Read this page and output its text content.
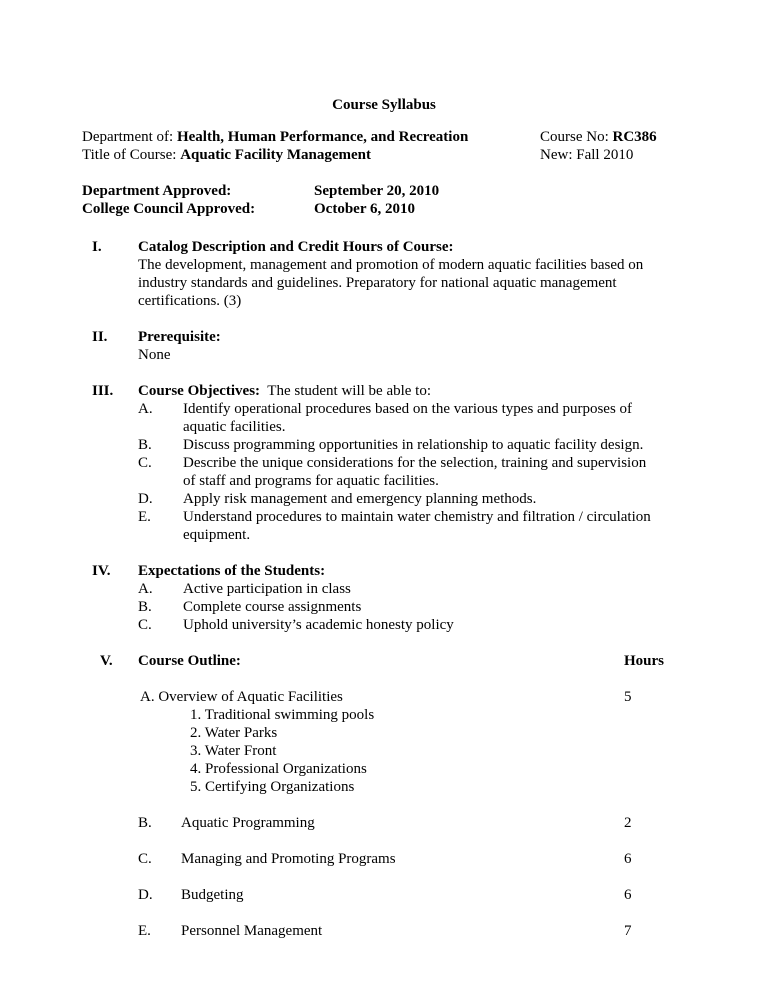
Course Syllabus
Department of: Health, Human Performance, and Recreation
Title of Course: Aquatic Facility Management
Course No: RC386
New: Fall 2010
Department Approved:	September 20, 2010
College Council Approved:	October 6, 2010
I.	Catalog Description and Credit Hours of Course:
The development, management and promotion of modern aquatic facilities based on
industry standards and guidelines. Preparatory for national aquatic management
certifications. (3)
II.	Prerequisite:
None
III.	Course Objectives: The student will be able to:
A.	Identify operational procedures based on the various types and purposes of aquatic facilities.
B.	Discuss programming opportunities in relationship to aquatic facility design.
C.	Describe the unique considerations for the selection, training and supervision of staff and programs for aquatic facilities.
D.	Apply risk management and emergency planning methods.
E.	Understand procedures to maintain water chemistry and filtration / circulation equipment.
IV.	Expectations of the Students:
A.	Active participation in class
B.	Complete course assignments
C.	Uphold university’s academic honesty policy
V.	Course Outline:	Hours
A. Overview of Aquatic Facilities	5
1. Traditional swimming pools
2. Water Parks
3. Water Front
4. Professional Organizations
5. Certifying Organizations
B. Aquatic Programming	2
C. Managing and Promoting Programs	6
D. Budgeting	6
E. Personnel Management	7
